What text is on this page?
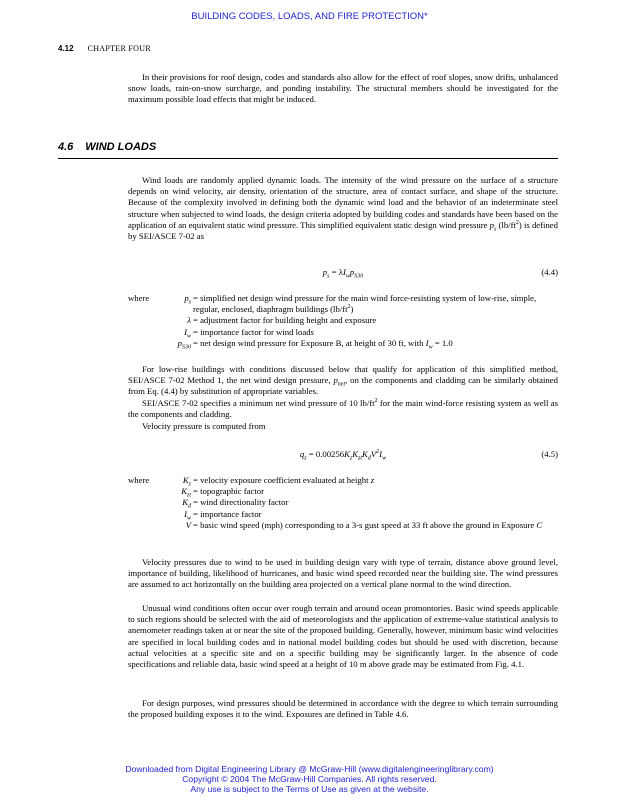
BUILDING CODES, LOADS, AND FIRE PROTECTION*
4.12 CHAPTER FOUR
In their provisions for roof design, codes and standards also allow for the effect of roof slopes, snow drifts, unbalanced snow loads, rain-on-snow surcharge, and ponding instability. The structural members should be investigated for the maximum possible load effects that might be induced.
4.6 WIND LOADS
Wind loads are randomly applied dynamic loads. The intensity of the wind pressure on the surface of a structure depends on wind velocity, air density, orientation of the structure, area of contact surface, and shape of the structure. Because of the complexity involved in defining both the dynamic wind load and the behavior of an indeterminate steel structure when subjected to wind loads, the design criteria adopted by building codes and standards have been based on the application of an equivalent static wind pressure. This simplified equivalent static design wind pressure $p_s$ $(lb/ft^2)$ is defined by SEI/ASCE 7-02 as
$p_s = \lambda I_wp_{S30}$	(4.4)
where	$p_s$ = simplified net design wind pressure for the main wind force-resisting system of low-rise, simple, regular, enclosed, diaphragm buildings $(lb/ft^2)$
λ = adjustment factor for building height and exposure
$I_w$ = importance factor for wind loads
$p_{S30}$ = net design wind pressure for Exposure B, at height of 30 ft, with $I_w = 1.0$
For low-rise buildings with conditions discussed below that qualify for application of this simplified method, SEI/ASCE 7-02 Method 1, the net wind design pressure, $p_{net}$, on the components and cladding can be similarly obtained from Eq. (4.4) by substitution of appropriate variables.
SEI/ASCE 7-02 specifies a minimum net wind pressure of 10 $lb/ft^2$ for the main wind-force resisting system as well as the components and cladding.
Velocity pressure is computed from
$q_z = 0.00256K_zK_{zt}K_dV^2I_w$	(4.5)
where	$K_z$ = velocity exposure coefficient evaluated at height z
$K_{zt}$ = topographic factor
$K_d$ = wind directionality factor
$I_w$ = importance factor
V = basic wind speed (mph) corresponding to a 3-s gust speed at 33 ft above the ground in Exposure C
Velocity pressures due to wind to be used in building design vary with type of terrain, distance above ground level, importance of building, likelihood of hurricanes, and basic wind speed recorded near the building site. The wind pressures are assumed to act horizontally on the building area projected on a vertical plane normal to the wind direction.
Unusual wind conditions often occur over rough terrain and around ocean promontories. Basic wind speeds applicable to such regions should be selected with the aid of meteorologists and the application of extreme-value statistical analysis to anemometer readings taken at or near the site of the proposed building. Generally, however, minimum basic wind velocities are specified in local building codes and in national model building codes but should be used with discretion, because actual velocities at a specific site and on a specific building may be significantly larger. In the absence of code specifications and reliable data, basic wind speed at a height of 10 m above grade may be estimated from Fig. 4.1.
For design purposes, wind pressures should be determined in accordance with the degree to which terrain surrounding the proposed building exposes it to the wind. Exposures are defined in Table 4.6.
Downloaded from Digital Engineering Library @ McGraw-Hill (www.digitalengineeringlibrary.com)
Copyright © 2004 The McGraw-Hill Companies. All rights reserved.
Any use is subject to the Terms of Use as given at the website.
